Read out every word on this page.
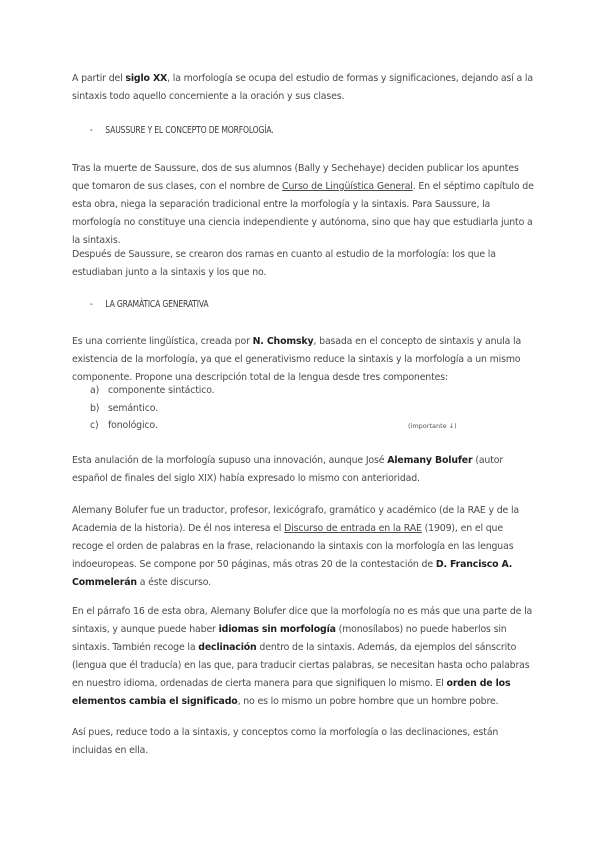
A partir del siglo XX, la morfología se ocupa del estudio de formas y significaciones, dejando así a la sintaxis todo aquello concerniente a la oración y sus clases.

- SAUSSURE Y EL CONCEPTO DE MORFOLOGÍA.

Tras la muerte de Saussure, dos de sus alumnos (Bally y Sechehaye) deciden publicar los apuntes que tomaron de sus clases, con el nombre de Curso de Lingüística General. En el séptimo capítulo de esta obra, niega la separación tradicional entre la morfología y la sintaxis. Para Saussure, la morfología no constituye una ciencia independiente y autónoma, sino que hay que estudiarla junto a la sintaxis.

Después de Saussure, se crearon dos ramas en cuanto al estudio de la morfología: los que la estudiaban junto a la sintaxis y los que no.

- LA GRAMÁTICA GENERATIVA

Es una corriente lingüística, creada por N. Chomsky, basada en el concepto de sintaxis y anula la existencia de la morfología, ya que el generativismo reduce la sintaxis y la morfología a un mismo componente. Propone una descripción total de la lengua desde tres componentes:

a) componente sintáctico.
b) semántico.
c) fonológico.	(importante ↓)

Esta anulación de la morfología supuso una innovación, aunque José Alemany Bolufer (autor español de finales del siglo XIX) había expresado lo mismo con anterioridad.

Alemany Bolufer fue un traductor, profesor, lexicógrafo, gramático y académico (de la RAE y de la Academia de la historia). De él nos interesa el Discurso de entrada en la RAE (1909), en el que recoge el orden de palabras en la frase, relacionando la sintaxis con la morfología en las lenguas indoeuropeas. Se compone por 50 páginas, más otras 20 de la contestación de D. Francisco A. Commelerán a éste discurso.

En el párrafo 16 de esta obra, Alemany Bolufer dice que la morfología no es más que una parte de la sintaxis, y aunque puede haber idiomas sin morfología (monosílabos) no puede haberlos sin sintaxis. También recoge la declinación dentro de la sintaxis. Además, da ejemplos del sánscrito (lengua que él traducía) en las que, para traducir ciertas palabras, se necesitan hasta ocho palabras en nuestro idioma, ordenadas de cierta manera para que signifiquen lo mismo. El orden de los elementos cambia el significado, no es lo mismo un pobre hombre que un hombre pobre.

Así pues, reduce todo a la sintaxis, y conceptos como la morfología o las declinaciones, están incluidas en ella.
